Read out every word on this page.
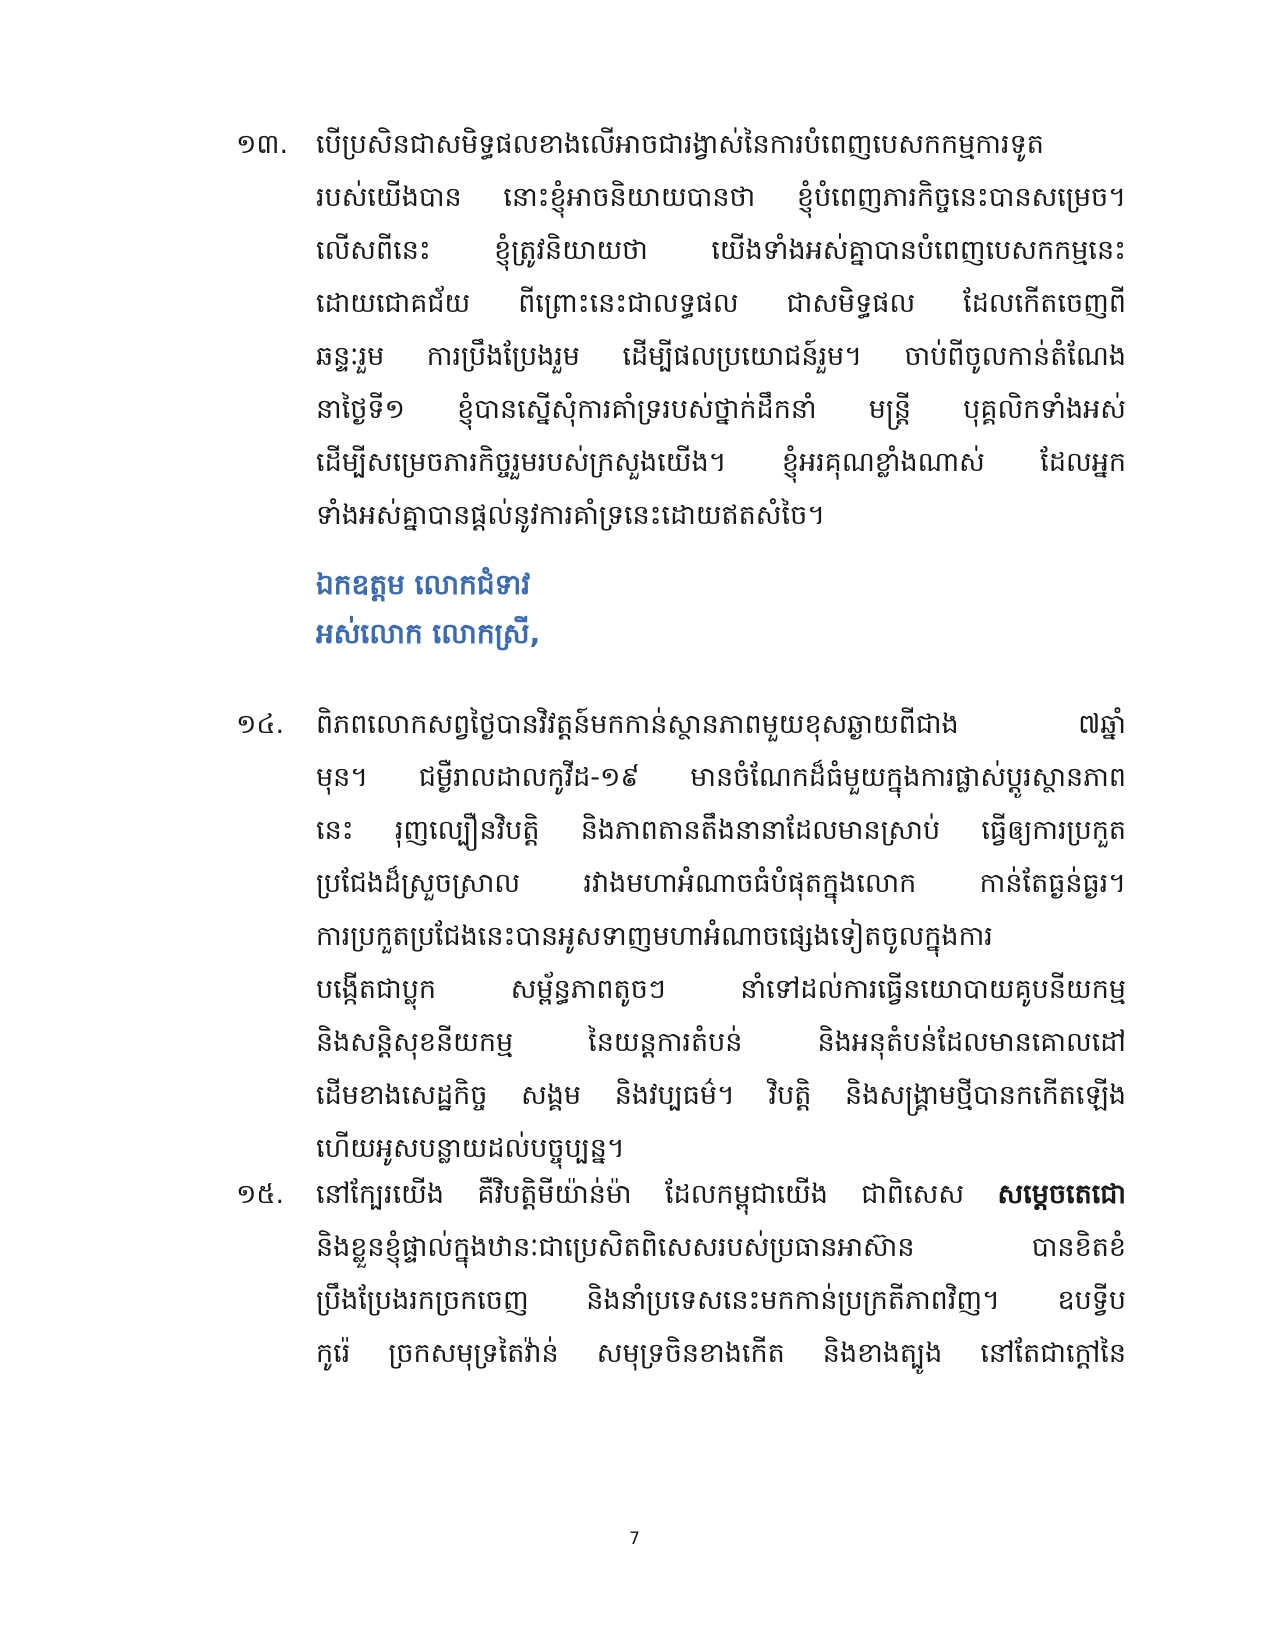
១៣. បើប្រសិនជាសមិទ្ធផលខាងលើអាចជារង្វាស់នៃការបំពេញបេសកកម្មការទូត
របស់យើងបាន នោះខ្ញុំអាចនិយាយបានថា ខ្ញុំបំពេញភារកិច្ចនេះបានសម្រេច។
លើសពីនេះ ខ្ញុំត្រូវនិយាយថា យើងទាំងអស់គ្នាបានបំពេញបេសកកម្មនេះ
ដោយជោគជ័យ ពីព្រោះនេះជាលទ្ធផល ជាសមិទ្ធផល ដែលកើតចេញពី
ឆន្ទៈរួម ការប្រឹងប្រែងរួម ដើម្បីផលប្រយោជន៍រួម។ ចាប់ពីចូលកាន់តំណែង
នាថ្ងៃទី១ ខ្ញុំបានស្នើសុំការគាំទ្ររបស់ថ្នាក់ដឹកនាំ មន្ត្រី បុគ្គលិកទាំងអស់
ដើម្បីសម្រេចភារកិច្ចរួមរបស់ក្រសួងយើង។ ខ្ញុំអរគុណខ្លាំងណាស់ ដែលអ្នក
ទាំងអស់គ្នាបានផ្តល់នូវការគាំទ្រនេះដោយឥតសំចៃ។
ឯកឧត្តម លោកជំទាវ
អស់លោក លោកស្រី,
១៤. ពិភពលោកសព្វថ្ងៃបានវិវត្តន៍មកកាន់ស្ថានភាពមួយខុសឆ្ងាយពីជាង ៧ឆ្នាំ
មុន។ ជម្ងឺរាលដាលកូវីដ-១៩ មានចំណែកដ៏ធំមួយក្នុងការផ្លាស់ប្តូរស្ថានភាព
នេះ រុញល្បឿនវិបត្តិ និងភាពតានតឹងនានាដែលមានស្រាប់ ធ្វើឲ្យការប្រកួត
ប្រជែងដ៏ស្រួចស្រាល រវាងមហាអំណាចធំបំផុតក្នុងលោក កាន់តែធ្ងន់ធ្ងរ។
ការប្រកួតប្រជែងនេះបានអូសទាញមហាអំណាចផ្សេងទៀតចូលក្នុងការ
បង្កើតជាប្លុក សម្ព័ន្ធភាពតូចៗ នាំទៅដល់ការធ្វើនយោបាយគូបនីយកម្ម
និងសន្តិសុខនីយកម្ម នៃយន្តការតំបន់ និងអនុតំបន់ដែលមានគោលដៅ
ដើមខាងសេដ្ឋកិច្ច សង្គម និងវប្បធម៌។ វិបត្តិ និងសង្គ្រាមថ្មីបានកកើតឡើង
ហើយអូសបន្លាយដល់បច្ចុប្បន្ន។
១៥. នៅក្បែរយើង គឺវិបត្តិមីយ៉ាន់ម៉ា ដែលកម្ពុជាយើង ជាពិសេស សម្តេចតេជោ
និងខ្លួនខ្ញុំផ្ទាល់ក្នុងឋានៈជាប្រេសិតពិសេសរបស់ប្រធានអាស៊ាន បានខិតខំ
ប្រឹងប្រែងរកច្រកចេញ និងនាំប្រទេសនេះមកកាន់ប្រក្រតីភាពវិញ។ ឧបទ្វីប
កូរ៉េ ច្រកសមុទ្រតៃវ៉ាន់ សមុទ្រចិនខាងកើត និងខាងត្បូង នៅតែជាក្តៅនៃ
7
